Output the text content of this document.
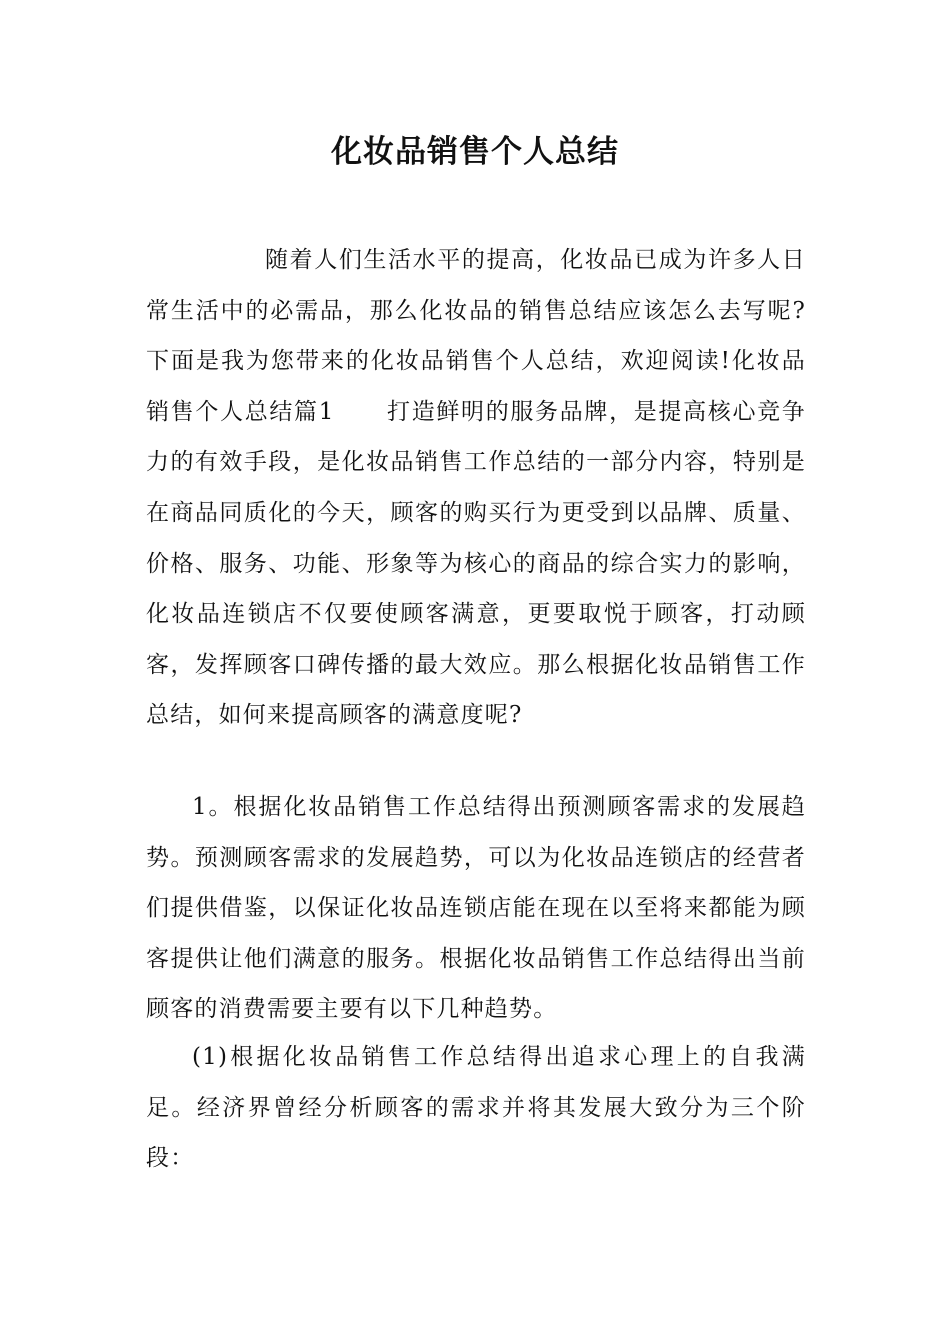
化妆品销售个人总结
随着人们生活水平的提高，化妆品已成为许多人日常生活中的必需品，那么化妆品的销售总结应该怎么去写呢?下面是我为您带来的化妆品销售个人总结，欢迎阅读!化妆品销售个人总结篇1 打造鲜明的服务品牌，是提高核心竞争力的有效手段，是化妆品销售工作总结的一部分内容，特别是在商品同质化的今天，顾客的购买行为更受到以品牌、质量、价格、服务、功能、形象等为核心的商品的综合实力的影响，化妆品连锁店不仅要使顾客满意，更要取悦于顾客，打动顾客，发挥顾客口碑传播的最大效应。那么根据化妆品销售工作总结，如何来提高顾客的满意度呢?
1。根据化妆品销售工作总结得出预测顾客需求的发展趋势。预测顾客需求的发展趋势，可以为化妆品连锁店的经营者们提供借鉴，以保证化妆品连锁店能在现在以至将来都能为顾客提供让他们满意的服务。根据化妆品销售工作总结得出当前顾客的消费需要主要有以下几种趋势。
(1)根据化妆品销售工作总结得出追求心理上的自我满足。经济界曾经分析顾客的需求并将其发展大致分为三个阶段：
